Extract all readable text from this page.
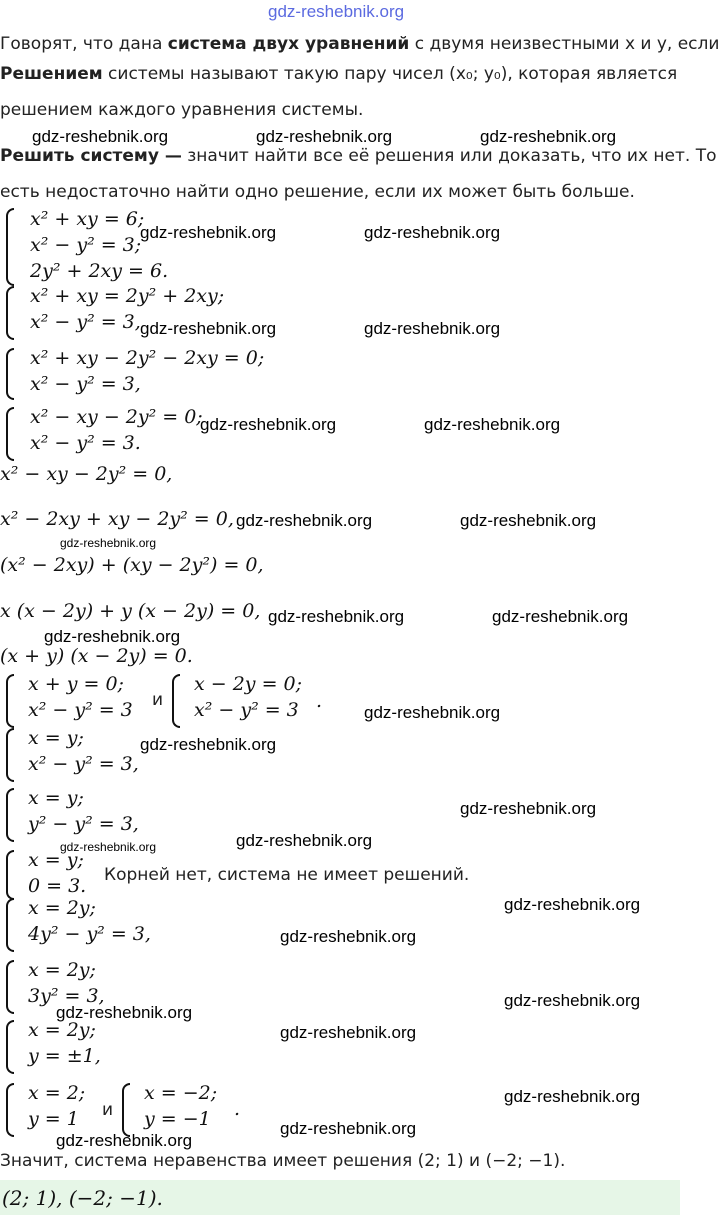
gdz-reshebnik.org
Говорят, что дана система двух уравнений с двумя неизвестными x и y, если
Решением системы называют такую пару чисел (x₀; y₀), которая является
решением каждого уравнения системы.
gdz-reshebnik.org	gdz-reshebnik.org	gdz-reshebnik.org
Решить систему — значит найти все её решения или доказать, что их нет. То
есть недостаточно найти одно решение, если их может быть больше.
x² + xy = 6;
x² − y² = 3;
2y² + 2xy = 6.
gdz-reshebnik.org	gdz-reshebnik.org
x² + xy = 2y² + 2xy;
x² − y² = 3, gdz-reshebnik.org	gdz-reshebnik.org
x² + xy − 2y² − 2xy = 0;
x² − y² = 3,
x² − xy − 2y² = 0;
x² − y² = 3.
gdz-reshebnik.org	gdz-reshebnik.org
x² − xy − 2y² = 0,
x² − 2xy + xy − 2y² = 0, gdz-reshebnik.org	gdz-reshebnik.org
gdz-reshebnik.org
(x² − 2xy) + (xy − 2y²) = 0,
x (x − 2y) + y (x − 2y) = 0, gdz-reshebnik.org	gdz-reshebnik.org
gdz-reshebnik.org
(x + y) (x − 2y) = 0.
x + y = 0;
x² − y² = 3 и
x − 2y = 0;
x² − y² = 3 .
gdz-reshebnik.org
x = y;
x² − y² = 3,
gdz-reshebnik.org
x = y;
y² − y² = 3,
gdz-reshebnik.org
gdz-reshebnik.org
gdz-reshebnik.org
x = y;
0 = 3. Корней нет, система не имеет решений.
x = 2y;
4y² − y² = 3,
gdz-reshebnik.org
gdz-reshebnik.org
x = 2y;
3y² = 3,	gdz-reshebnik.org
gdz-reshebnik.org
x = 2y;
y = ±1,
gdz-reshebnik.org
x = 2;
y = 1 и
x = −2;
y = −1 .
gdz-reshebnik.org
gdz-reshebnik.org
gdz-reshebnik.org
Значит, система неравенства имеет решения (2; 1) и (−2; −1).
(2; 1), (−2; −1).
